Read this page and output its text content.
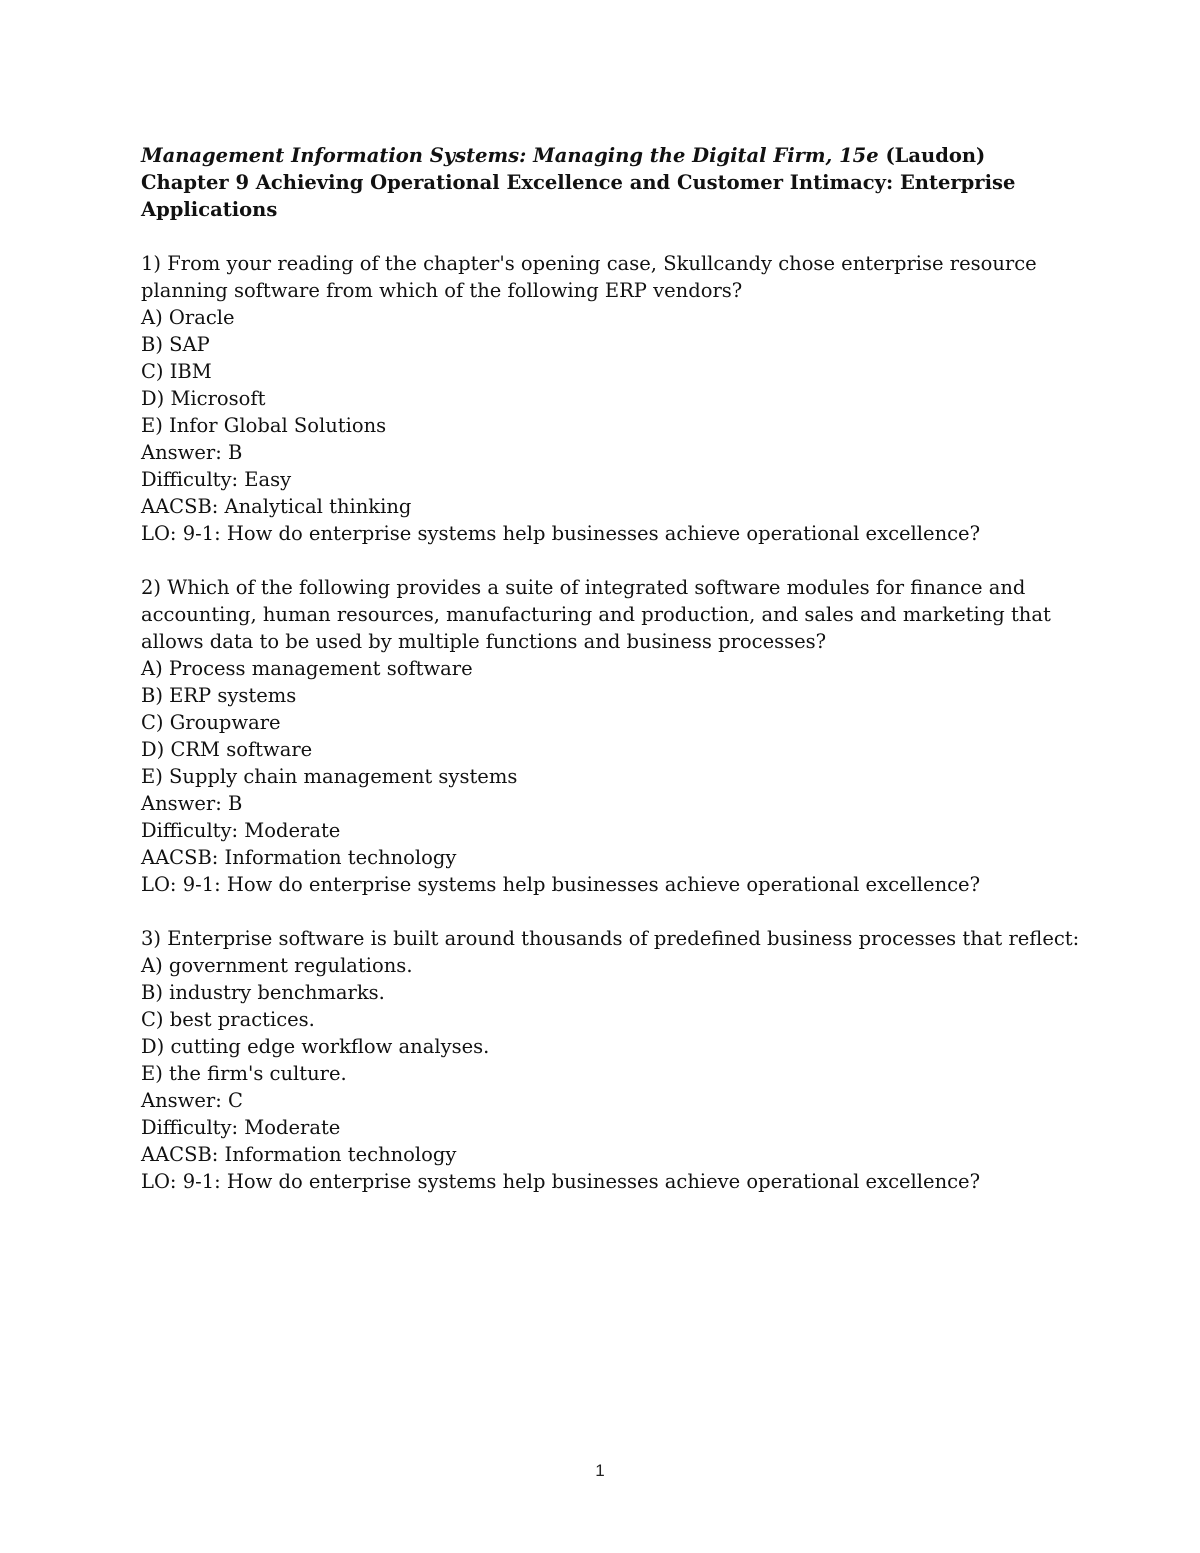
Management Information Systems: Managing the Digital Firm, 15e (Laudon)
Chapter 9 Achieving Operational Excellence and Customer Intimacy: Enterprise
Applications
1) From your reading of the chapter's opening case, Skullcandy chose enterprise resource
planning software from which of the following ERP vendors?
A) Oracle
B) SAP
C) IBM
D) Microsoft
E) Infor Global Solutions
Answer: B
Difficulty: Easy
AACSB: Analytical thinking
LO: 9-1: How do enterprise systems help businesses achieve operational excellence?
2) Which of the following provides a suite of integrated software modules for finance and
accounting, human resources, manufacturing and production, and sales and marketing that
allows data to be used by multiple functions and business processes?
A) Process management software
B) ERP systems
C) Groupware
D) CRM software
E) Supply chain management systems
Answer: B
Difficulty: Moderate
AACSB: Information technology
LO: 9-1: How do enterprise systems help businesses achieve operational excellence?
3) Enterprise software is built around thousands of predefined business processes that reflect:
A) government regulations.
B) industry benchmarks.
C) best practices.
D) cutting edge workflow analyses.
E) the firm's culture.
Answer: C
Difficulty: Moderate
AACSB: Information technology
LO: 9-1: How do enterprise systems help businesses achieve operational excellence?
1
